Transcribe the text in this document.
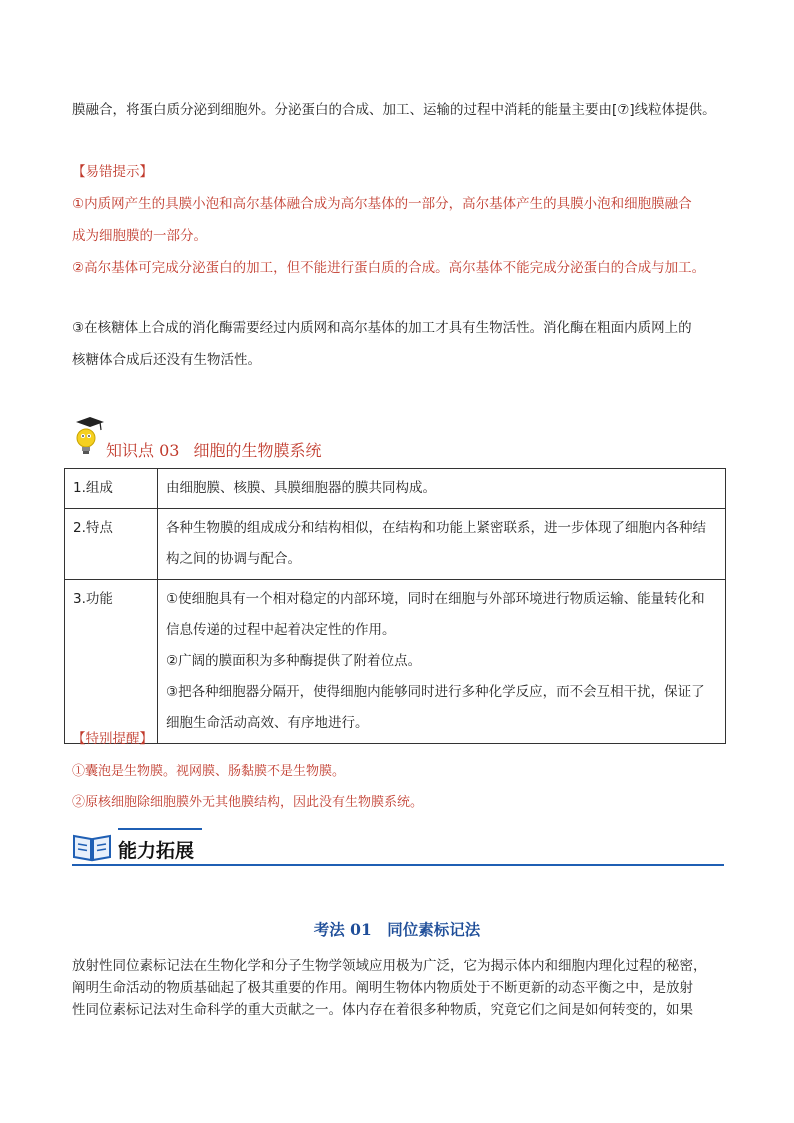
膜融合，将蛋白质分泌到细胞外。分泌蛋白的合成、加工、运输的过程中消耗的能量主要由[⑦]线粒体提供。
【易错提示】
①内质网产生的具膜小泡和高尔基体融合成为高尔基体的一部分，高尔基体产生的具膜小泡和细胞膜融合
成为细胞膜的一部分。
②高尔基体可完成分泌蛋白的加工，但不能进行蛋白质的合成。高尔基体不能完成分泌蛋白的合成与加工。
③在核糖体上合成的消化酶需要经过内质网和高尔基体的加工才具有生物活性。消化酶在粗面内质网上的
核糖体合成后还没有生物活性。
知识点 03 细胞的生物膜系统
1.组成	由细胞膜、核膜、具膜细胞器的膜共同构成。

2.特点	各种生物膜的组成成分和结构相似，在结构和功能上紧密联系，进一步体现了细胞内各种结
构之间的协调与配合。

3.功能	①使细胞具有一个相对稳定的内部环境，同时在细胞与外部环境进行物质运输、能量转化和
信息传递的过程中起着决定性的作用。
②广阔的膜面积为多种酶提供了附着位点。
③把各种细胞器分隔开，使得细胞内能够同时进行多种化学反应，而不会互相干扰，保证了
细胞生命活动高效、有序地进行。
【特别提醒】
①囊泡是生物膜。视网膜、肠黏膜不是生物膜。
②原核细胞除细胞膜外无其他膜结构，因此没有生物膜系统。
能力拓展
考法 01　同位素标记法
放射性同位素标记法在生物化学和分子生物学领域应用极为广泛，它为揭示体内和细胞内理化过程的秘密，
阐明生命活动的物质基础起了极其重要的作用。阐明生物体内物质处于不断更新的动态平衡之中，是放射
性同位素标记法对生命科学的重大贡献之一。体内存在着很多种物质，究竟它们之间是如何转变的，如果
